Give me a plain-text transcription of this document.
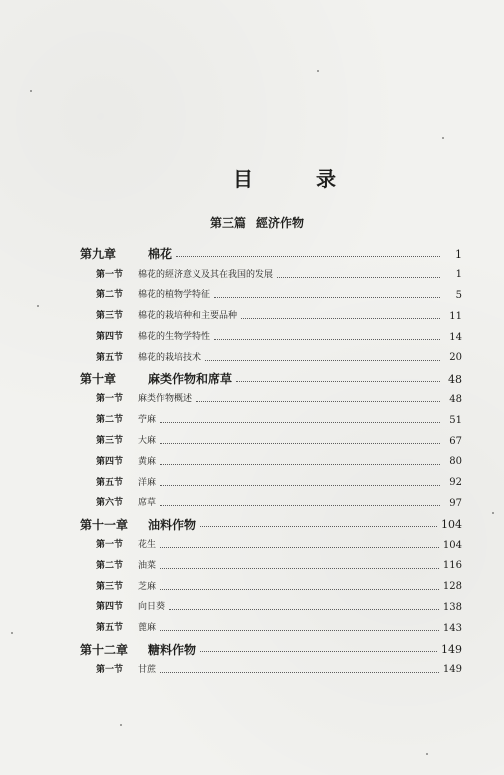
目 录
第三篇 經济作物
第九章	棉花	1
第一节	棉花的經济意义及其在我国的发展	1
第二节	棉花的植物学特征	5
第三节	棉花的栽培种和主要品种	11
第四节	棉花的生物学特性	14
第五节	棉花的栽培技术	20
第十章	麻类作物和席草	48
第一节	麻类作物概述	48
第二节	苧麻	51
第三节	大麻	67
第四节	黄麻	80
第五节	洋麻	92
第六节	席草	97
第十一章	油料作物	104
第一节	花生	104
第二节	油菜	116
第三节	芝麻	128
第四节	向日葵	138
第五节	蓖麻	143
第十二章	糖料作物	149
第一节	甘蔗	149
